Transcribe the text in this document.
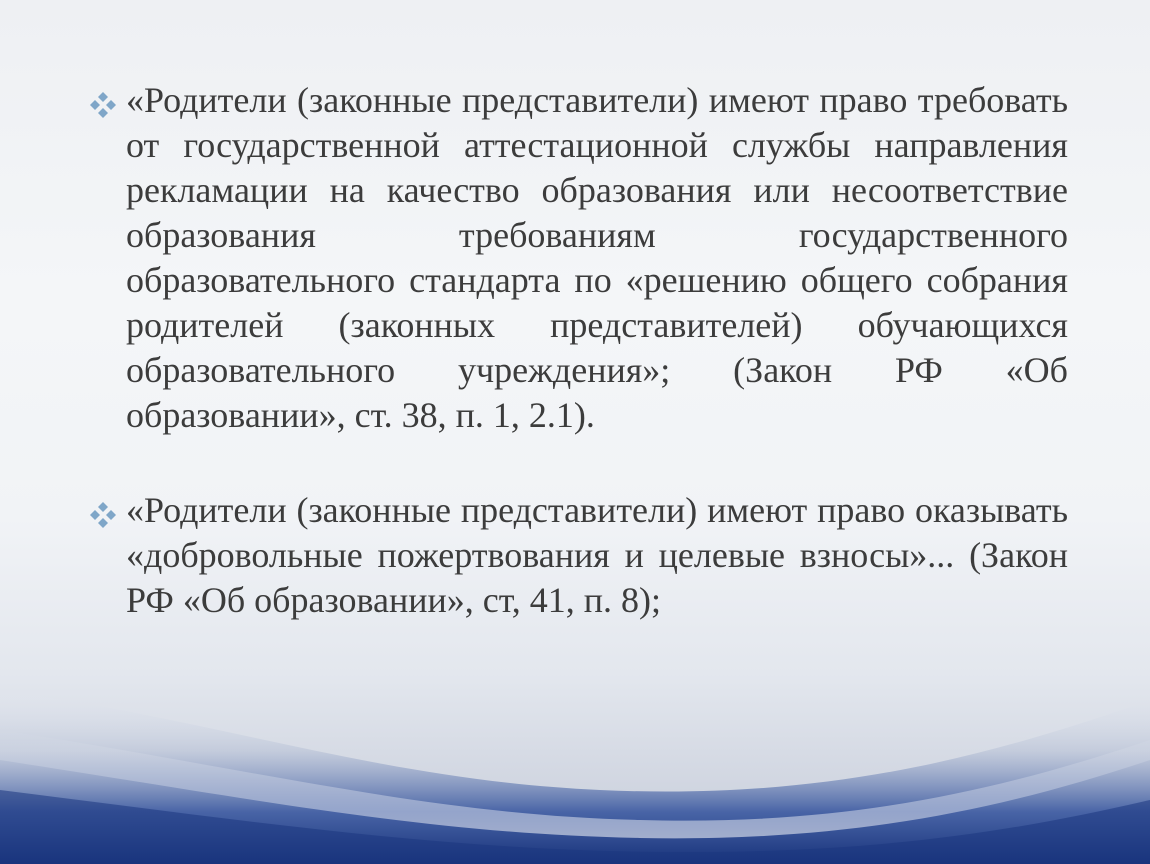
«Родители (законные представители) имеют право требовать от государственной аттестационной службы направления рекламации на качество образования или несоответствие образования требованиям государственного образовательного стандарта по «решению общего собрания родителей (законных представителей) обучающихся образовательного учреждения»; (Закон РФ «Об образовании», ст. 38, п. 1, 2.1).
«Родители (законные представители) имеют право оказывать «добровольные пожертвования и целевые взносы»... (Закон РФ «Об образовании», ст, 41, п. 8);
